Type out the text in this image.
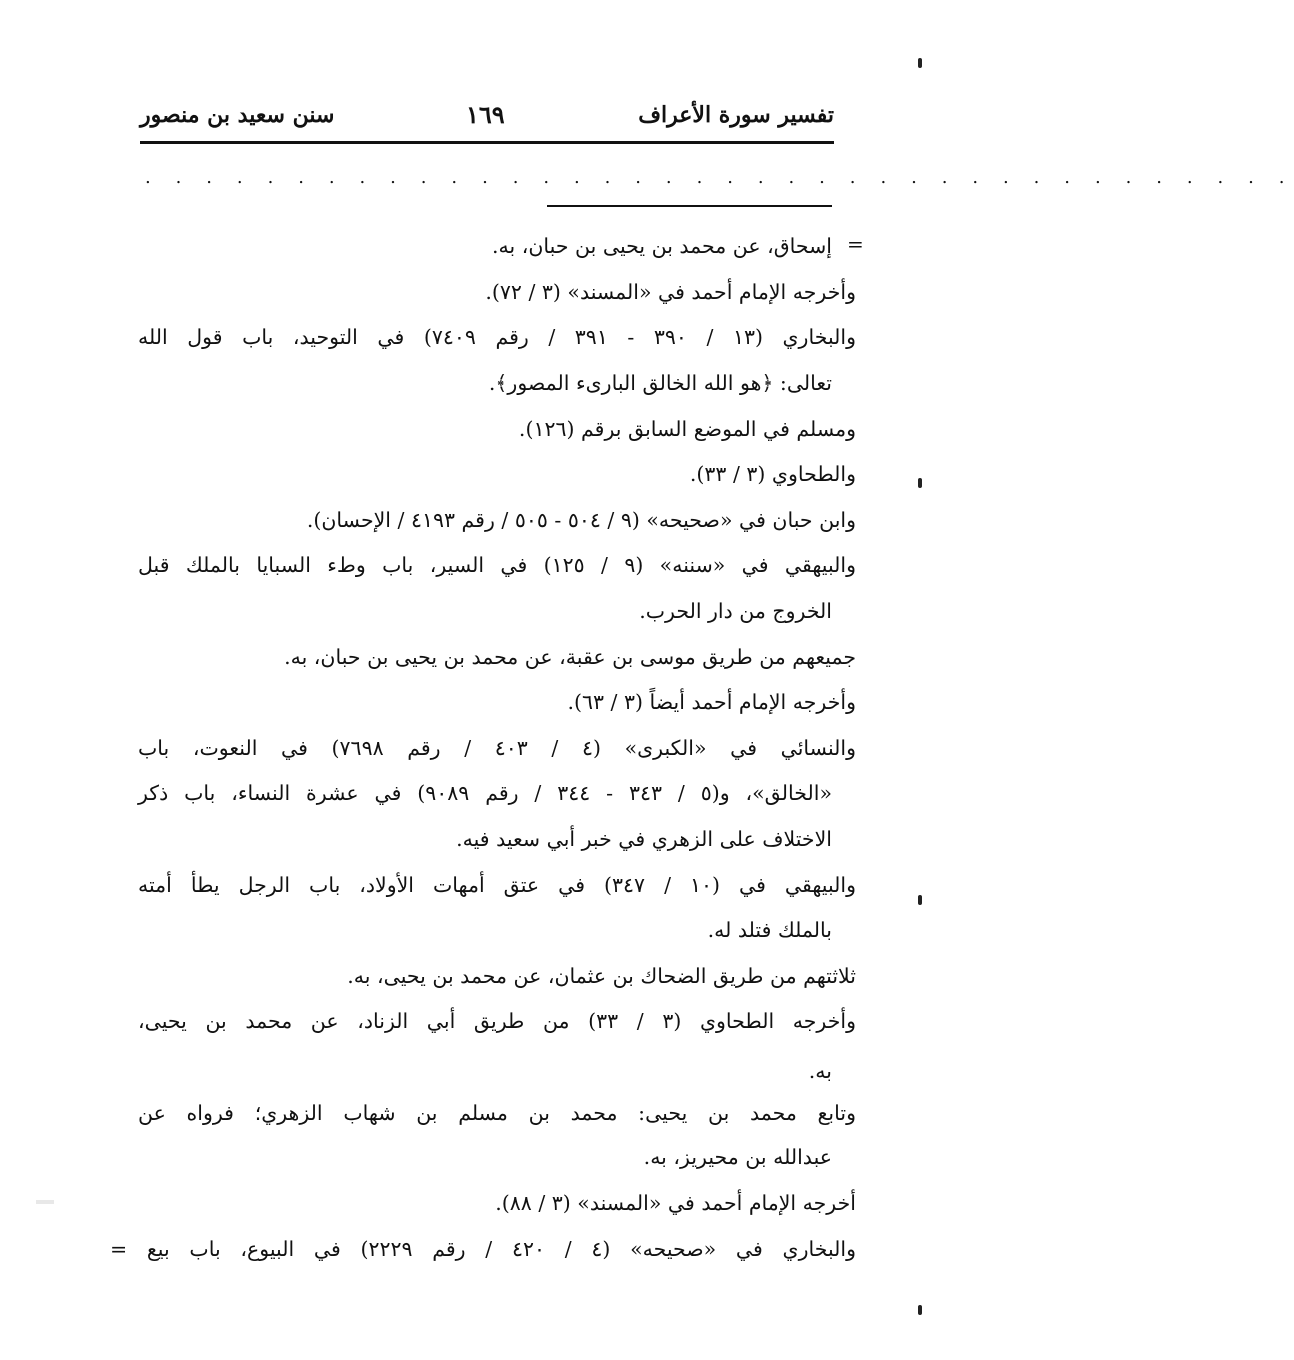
تفسير سورة الأعراف
١٦٩
سنن سعيد بن منصور
. . . . . . . . . . . . . . . . . . . . . . . . . . . . . . . . . . . . . .
=
إسحاق، عن محمد بن يحيى بن حبان، به.
وأخرجه الإمام أحمد في «المسند» (٣ / ٧٢).
والبخاري (١٣ / ٣٩٠ - ٣٩١ / رقم ٧٤٠٩) في التوحيد، باب قول الله
تعالى: ﴿هو الله الخالق البارىء المصور﴾.
ومسلم في الموضع السابق برقم (١٢٦).
والطحاوي (٣ / ٣٣).
وابن حبان في «صحيحه» (٩ / ٥٠٤ - ٥٠٥ / رقم ٤١٩٣ / الإحسان).
والبيهقي في «سننه» (٩ / ١٢٥) في السير، باب وطء السبايا بالملك قبل
الخروج من دار الحرب.
جميعهم من طريق موسى بن عقبة، عن محمد بن يحيى بن حبان، به.
وأخرجه الإمام أحمد أيضاً (٣ / ٦٣).
والنسائي في «الكبرى» (٤ / ٤٠٣ / رقم ٧٦٩٨) في النعوت، باب
«الخالق»، و(٥ / ٣٤٣ - ٣٤٤ / رقم ٩٠٨٩) في عشرة النساء، باب ذكر
الاختلاف على الزهري في خبر أبي سعيد فيه.
والبيهقي في (١٠ / ٣٤٧) في عتق أمهات الأولاد، باب الرجل يطأ أمته
بالملك فتلد له.
ثلاثتهم من طريق الضحاك بن عثمان، عن محمد بن يحيى، به.
وأخرجه الطحاوي (٣ / ٣٣) من طريق أبي الزناد، عن محمد بن يحيى،
به.
وتابع محمد بن يحيى: محمد بن مسلم بن شهاب الزهري؛ فرواه عن
عبدالله بن محيريز، به.
أخرجه الإمام أحمد في «المسند» (٣ / ٨٨).
والبخاري في «صحيحه» (٤ / ٤٢٠ / رقم ٢٢٢٩) في البيوع، باب بيع =
